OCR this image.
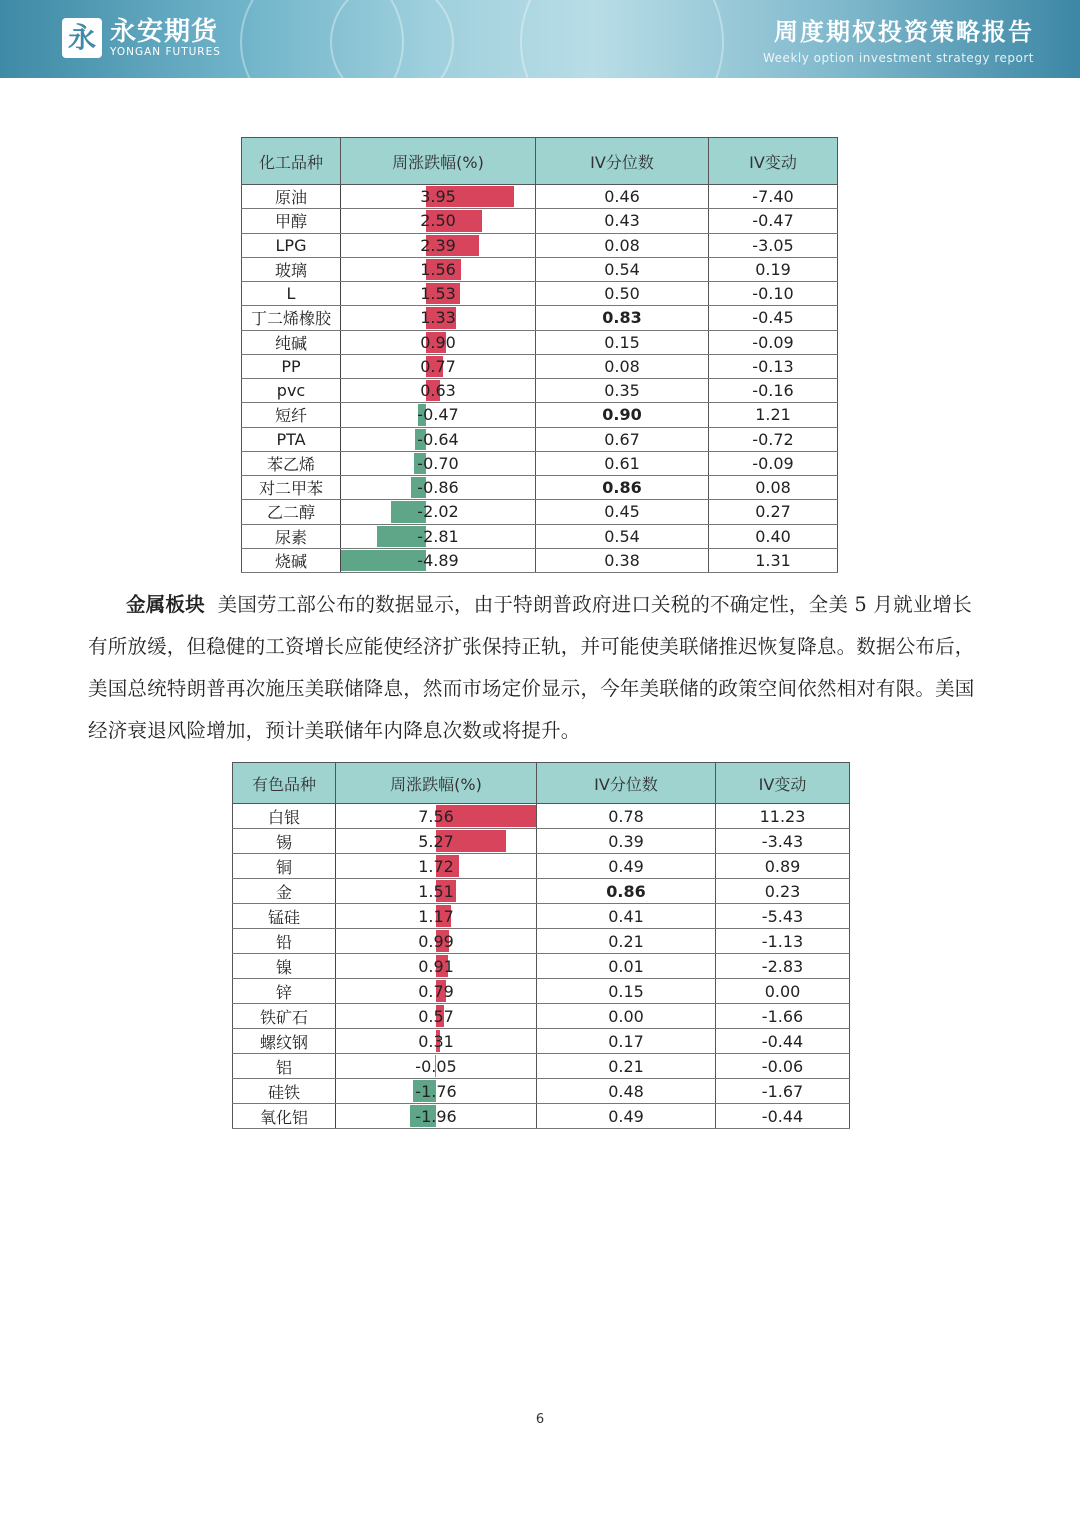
永 永安期货
YONGAN FUTURES
周度期权投资策略报告
Weekly option investment strategy report
化工品种	周涨跌幅(%)	IV分位数	IV变动
原油	3.95	0.46	-7.40
甲醇	2.50	0.43	-0.47
LPG	2.39	0.08	-3.05
玻璃	1.56	0.54	0.19
L	1.53	0.50	-0.10
丁二烯橡胶	1.33	0.83	-0.45
纯碱	0.90	0.15	-0.09
PP	0.77	0.08	-0.13
pvc	0.63	0.35	-0.16
短纤	-0.47	0.90	1.21
PTA	-0.64	0.67	-0.72
苯乙烯	-0.70	0.61	-0.09
对二甲苯	-0.86	0.86	0.08
乙二醇	-2.02	0.45	0.27
尿素	-2.81	0.54	0.40
烧碱	-4.89	0.38	1.31
金属板块 美国劳工部公布的数据显示，由于特朗普政府进口关税的不确定性，全美 5 月就业增长有所放缓，但稳健的工资增长应能使经济扩张保持正轨，并可能使美联储推迟恢复降息。数据公布后，美国总统特朗普再次施压美联储降息，然而市场定价显示，今年美联储的政策空间依然相对有限。美国经济衰退风险增加，预计美联储年内降息次数或将提升。
有色品种	周涨跌幅(%)	IV分位数	IV变动
白银	7.56	0.78	11.23
锡	5.27	0.39	-3.43
铜	1.72	0.49	0.89
金	1.51	0.86	0.23
锰硅	1.17	0.41	-5.43
铅	0.99	0.21	-1.13
镍	0.91	0.01	-2.83
锌	0.79	0.15	0.00
铁矿石	0.57	0.00	-1.66
螺纹钢	0.31	0.17	-0.44
铝	-0.05	0.21	-0.06
硅铁	-1.76	0.48	-1.67
氧化铝	-1.96	0.49	-0.44
6
